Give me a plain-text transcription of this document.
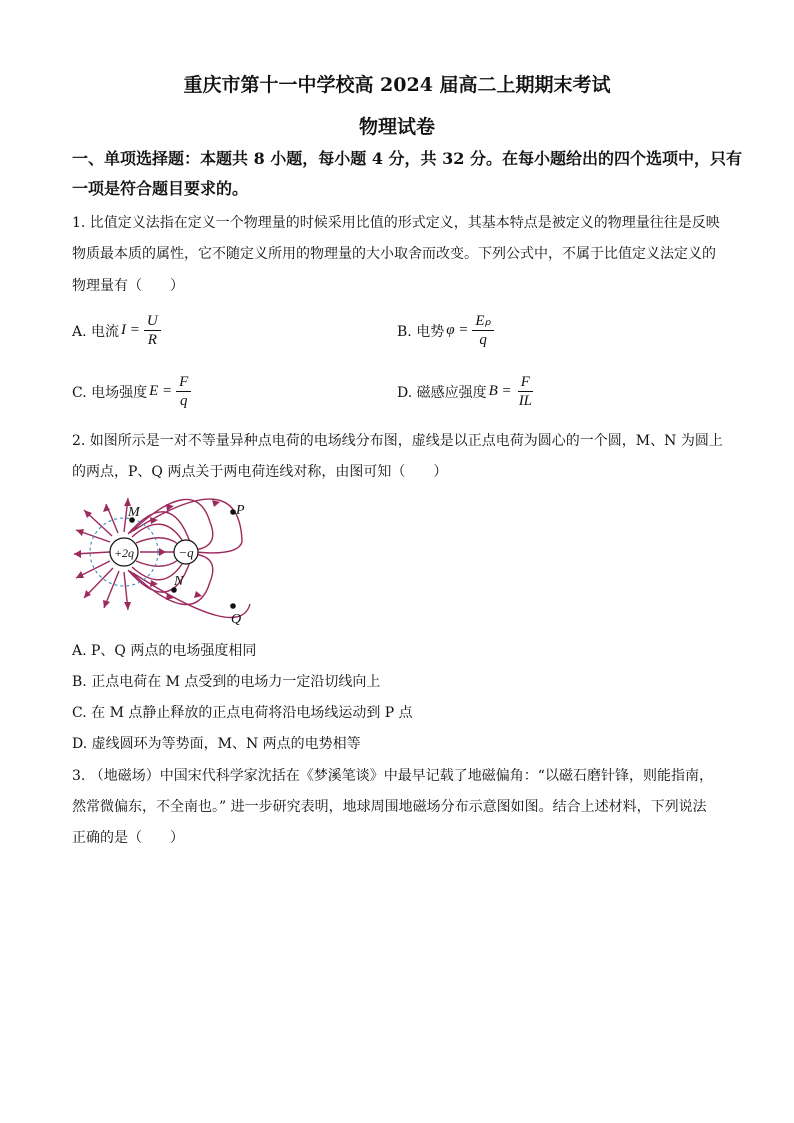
重庆市第十一中学校高 2024 届高二上期期末考试
物理试卷
一、单项选择题：本题共 8 小题，每小题 4 分，共 32 分。在每小题给出的四个选项中，只有
一项是符合题目要求的。
1. 比值定义法指在定义一个物理量的时候采用比值的形式定义，其基本特点是被定义的物理量往往是反映
物质最本质的属性，它不随定义所用的物理量的大小取舍而改变。下列公式中，不属于比值定义法定义的
物理量有（　　）
A. 电流 $I = \frac{U}{R}$	B. 电势 $\varphi = \frac{\text{Eₚ}}{q}$
C. 电场强度 $E = \frac{F}{q}$	D. 磁感应强度 $B = \frac{F}{IL}$
2. 如图所示是一对不等量异种点电荷的电场线分布图，虚线是以正点电荷为圆心的一个圆，M、N 为圆上
的两点，P、Q 两点关于两电荷连线对称，由图可知（　　）
+2q	−q
M
N
P
Q
A. P、Q 两点的电场强度相同
B. 正点电荷在 M 点受到的电场力一定沿切线向上
C. 在 M 点静止释放的正点电荷将沿电场线运动到 P 点
D. 虚线圆环为等势面，M、N 两点的电势相等
3. （地磁场）中国宋代科学家沈括在《梦溪笔谈》中最早记载了地磁偏角：“以磁石磨针锋，则能指南，
然常微偏东，不全南也。” 进一步研究表明，地球周围地磁场分布示意图如图。结合上述材料，下列说法
正确的是（　　）
